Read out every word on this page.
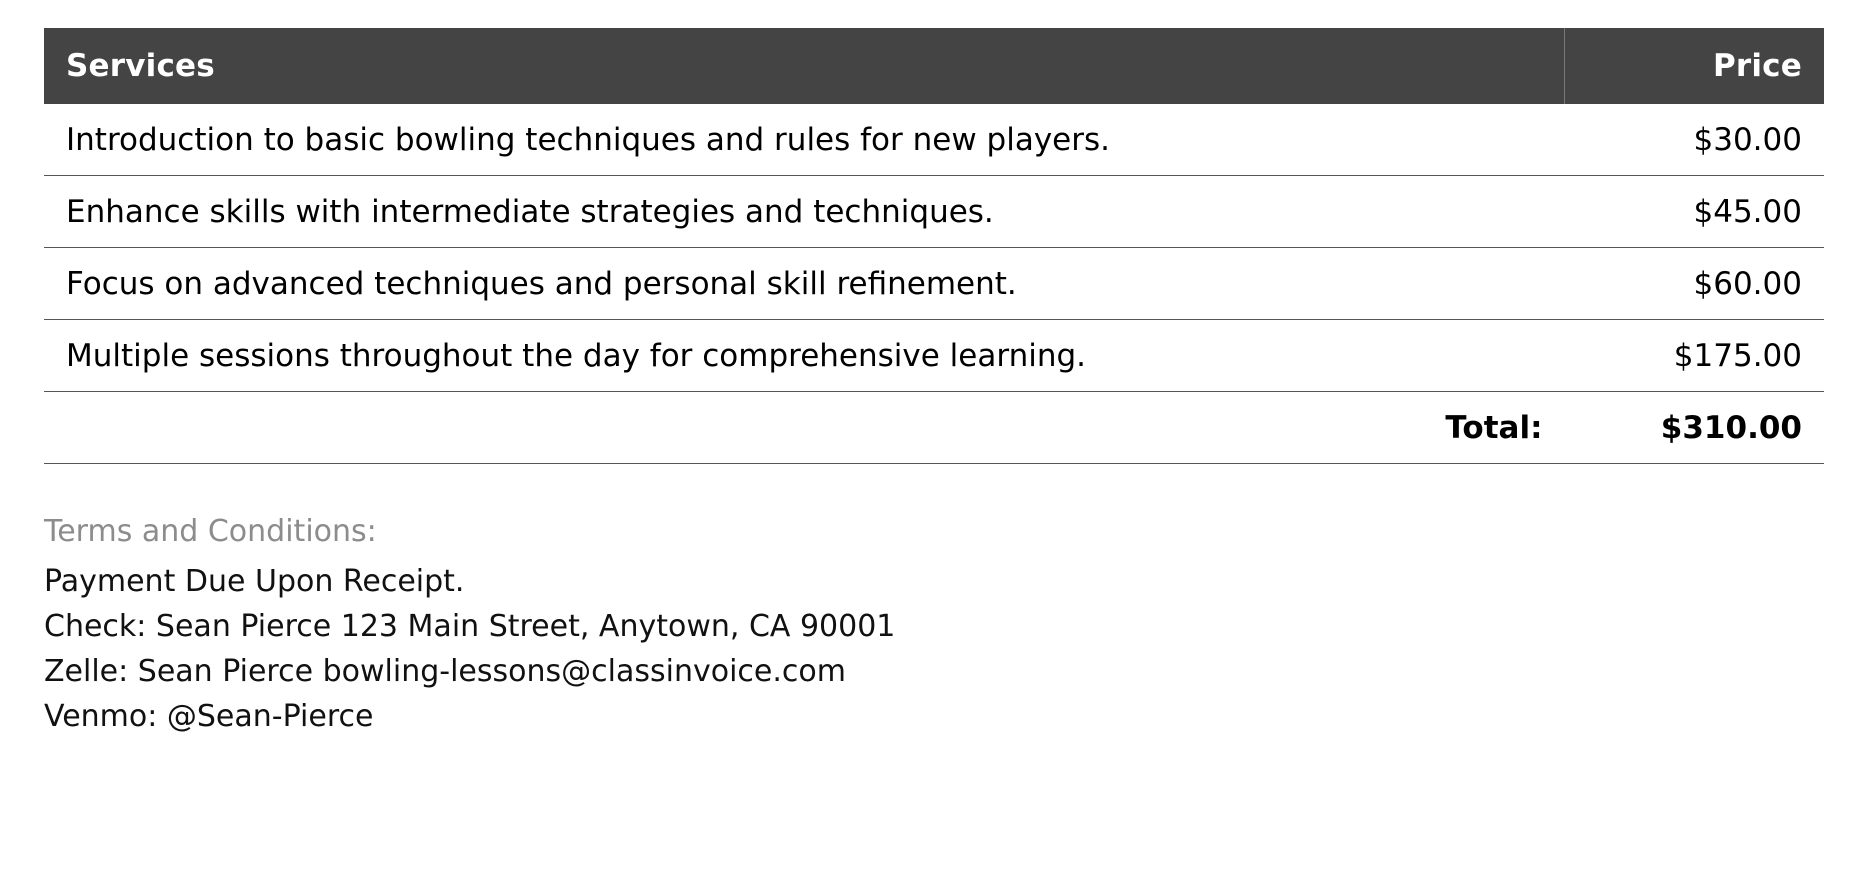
Services	Price
Introduction to basic bowling techniques and rules for new players.	$30.00
Enhance skills with intermediate strategies and techniques.	$45.00
Focus on advanced techniques and personal skill refinement.	$60.00
Multiple sessions throughout the day for comprehensive learning.	$175.00
Total:	$310.00
Terms and Conditions:
Payment Due Upon Receipt.
Check: Sean Pierce 123 Main Street, Anytown, CA 90001
Zelle: Sean Pierce bowling-lessons@classinvoice.com
Venmo: @Sean-Pierce
